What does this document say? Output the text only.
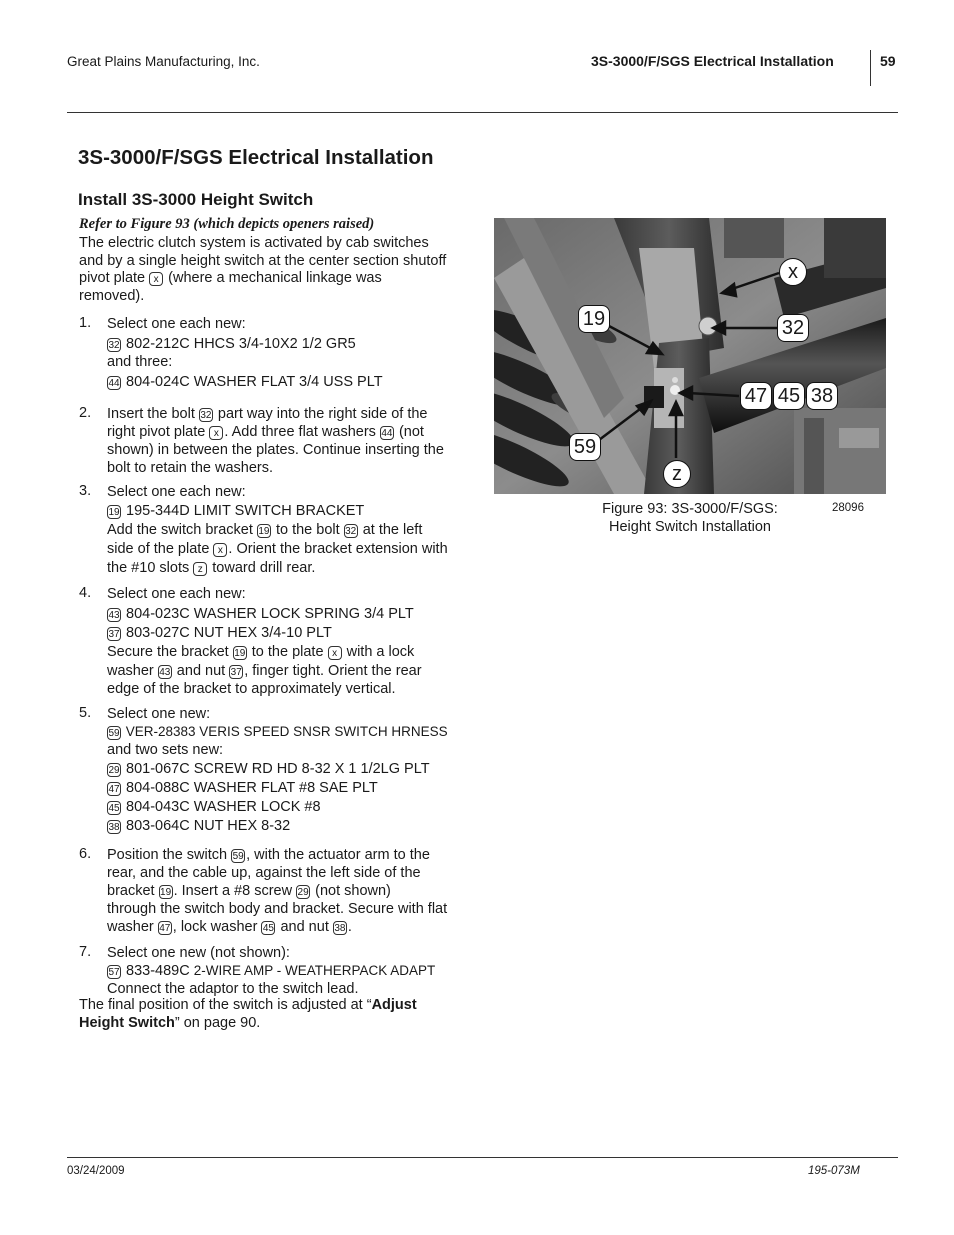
Great Plains Manufacturing, Inc.	3S-3000/F/SGS Electrical Installation	59
3S-3000/F/SGS Electrical Installation
Install 3S-3000 Height Switch
Refer to Figure 93 (which depicts openers raised)
The electric clutch system is activated by cab switches
and by a single height switch at the center section shutoff
pivot plate x (where a mechanical linkage was
removed).
1. Select one each new:
32 802-212C HHCS 3/4-10X2 1/2 GR5
and three:
44 804-024C WASHER FLAT 3/4 USS PLT
2. Insert the bolt 32 part way into the right side of the
right pivot plate x . Add three flat washers 44 (not
shown) in between the plates. Continue inserting the
bolt to retain the washers.
3. Select one each new:
19 195-344D LIMIT SWITCH BRACKET
Add the switch bracket 19 to the bolt 32 at the left
side of the plate x . Orient the bracket extension with
the #10 slots z toward drill rear.
4. Select one each new:
43 804-023C WASHER LOCK SPRING 3/4 PLT
37 803-027C NUT HEX 3/4-10 PLT
Secure the bracket 19 to the plate x with a lock
washer 43 and nut 37 , finger tight. Orient the rear
edge of the bracket to approximately vertical.
5. Select one new:
59 VER-28383 VERIS SPEED SNSR SWITCH HRNESS
and two sets new:
29 801-067C SCREW RD HD 8-32 X 1 1/2LG PLT
47 804-088C WASHER FLAT #8 SAE PLT
45 804-043C WASHER LOCK #8
38 803-064C NUT HEX 8-32
6. Position the switch 59 , with the actuator arm to the
rear, and the cable up, against the left side of the
bracket 19 . Insert a #8 screw 29 (not shown)
through the switch body and bracket. Secure with flat
washer 47 , lock washer 45 and nut 38 .
7. Select one new (not shown):
57 833-489C 2-WIRE AMP - WEATHERPACK ADAPT
Connect the adaptor to the switch lead.
The final position of the switch is adjusted at “Adjust
Height Switch” on page 90.
x
19	32
47 45 38
59
z
Figure 93: 3S-3000/F/SGS:
Height Switch Installation
28096
03/24/2009	195-073M
